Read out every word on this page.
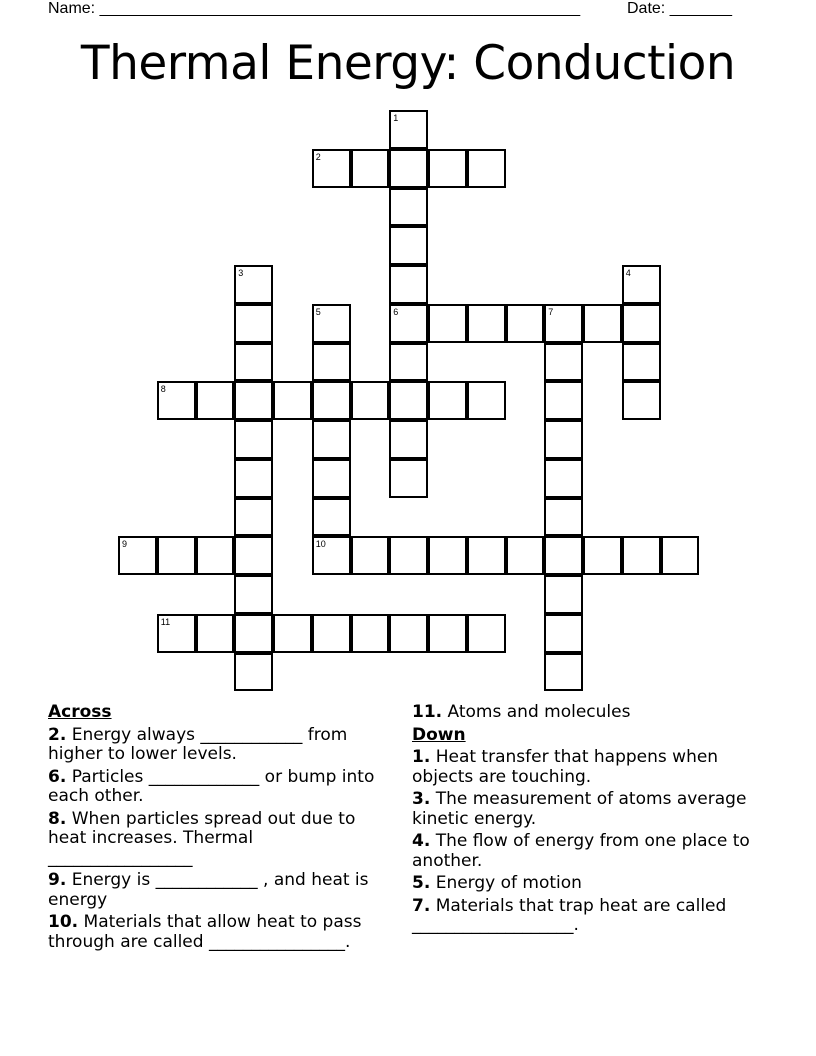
Name: ______________________________________________________	Date: _______
Thermal Energy: Conduction
1
6
2
3	4
5
10
7
8
9
11
Across
2. Energy always ____________ from higher to lower levels.
6. Particles _____________ or bump into each other.
8. When particles spread out due to heat increases. Thermal _________________
9. Energy is ____________ , and heat is energy
10. Materials that allow heat to pass through are called ________________.
11. Atoms and molecules
Down
1. Heat transfer that happens when objects are touching.
3. The measurement of atoms average kinetic energy.
4. The flow of energy from one place to another.
5. Energy of motion
7. Materials that trap heat are called ___________________.
